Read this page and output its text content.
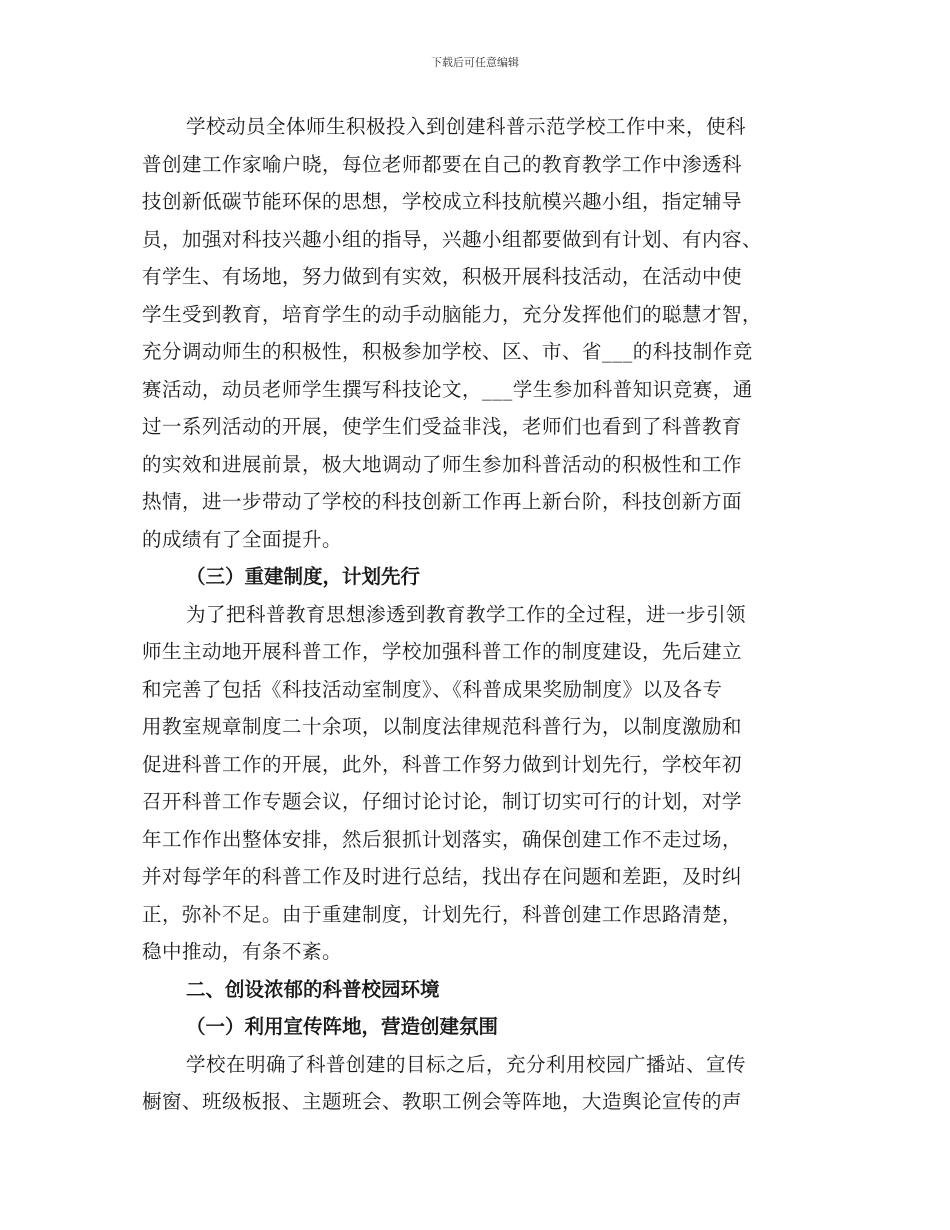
下载后可任意编辑
学校动员全体师生积极投入到创建科普示范学校工作中来，使科
普创建工作家喻户晓，每位老师都要在自己的教育教学工作中渗透科
技创新低碳节能环保的思想，学校成立科技航模兴趣小组，指定辅导
员，加强对科技兴趣小组的指导，兴趣小组都要做到有计划、有内容、
有学生、有场地，努力做到有实效，积极开展科技活动，在活动中使
学生受到教育，培育学生的动手动脑能力，充分发挥他们的聪慧才智，
充分调动师生的积极性，积极参加学校、区、市、省___的科技制作竞
赛活动，动员老师学生撰写科技论文，___学生参加科普知识竞赛，通
过一系列活动的开展，使学生们受益非浅，老师们也看到了科普教育
的实效和进展前景，极大地调动了师生参加科普活动的积极性和工作
热情，进一步带动了学校的科技创新工作再上新台阶，科技创新方面
的成绩有了全面提升。
（三）重建制度，计划先行
为了把科普教育思想渗透到教育教学工作的全过程，进一步引领
师生主动地开展科普工作，学校加强科普工作的制度建设，先后建立
和完善了包括《科技活动室制度》、《科普成果奖励制度》以及各专
用教室规章制度二十余项，以制度法律规范科普行为，以制度激励和
促进科普工作的开展，此外，科普工作努力做到计划先行，学校年初
召开科普工作专题会议，仔细讨论讨论，制订切实可行的计划，对学
年工作作出整体安排，然后狠抓计划落实，确保创建工作不走过场，
并对每学年的科普工作及时进行总结，找出存在问题和差距，及时纠
正，弥补不足。由于重建制度，计划先行，科普创建工作思路清楚，
稳中推动，有条不紊。
二、创设浓郁的科普校园环境
（一）利用宣传阵地，营造创建氛围
学校在明确了科普创建的目标之后，充分利用校园广播站、宣传
橱窗、班级板报、主题班会、教职工例会等阵地，大造舆论宣传的声
